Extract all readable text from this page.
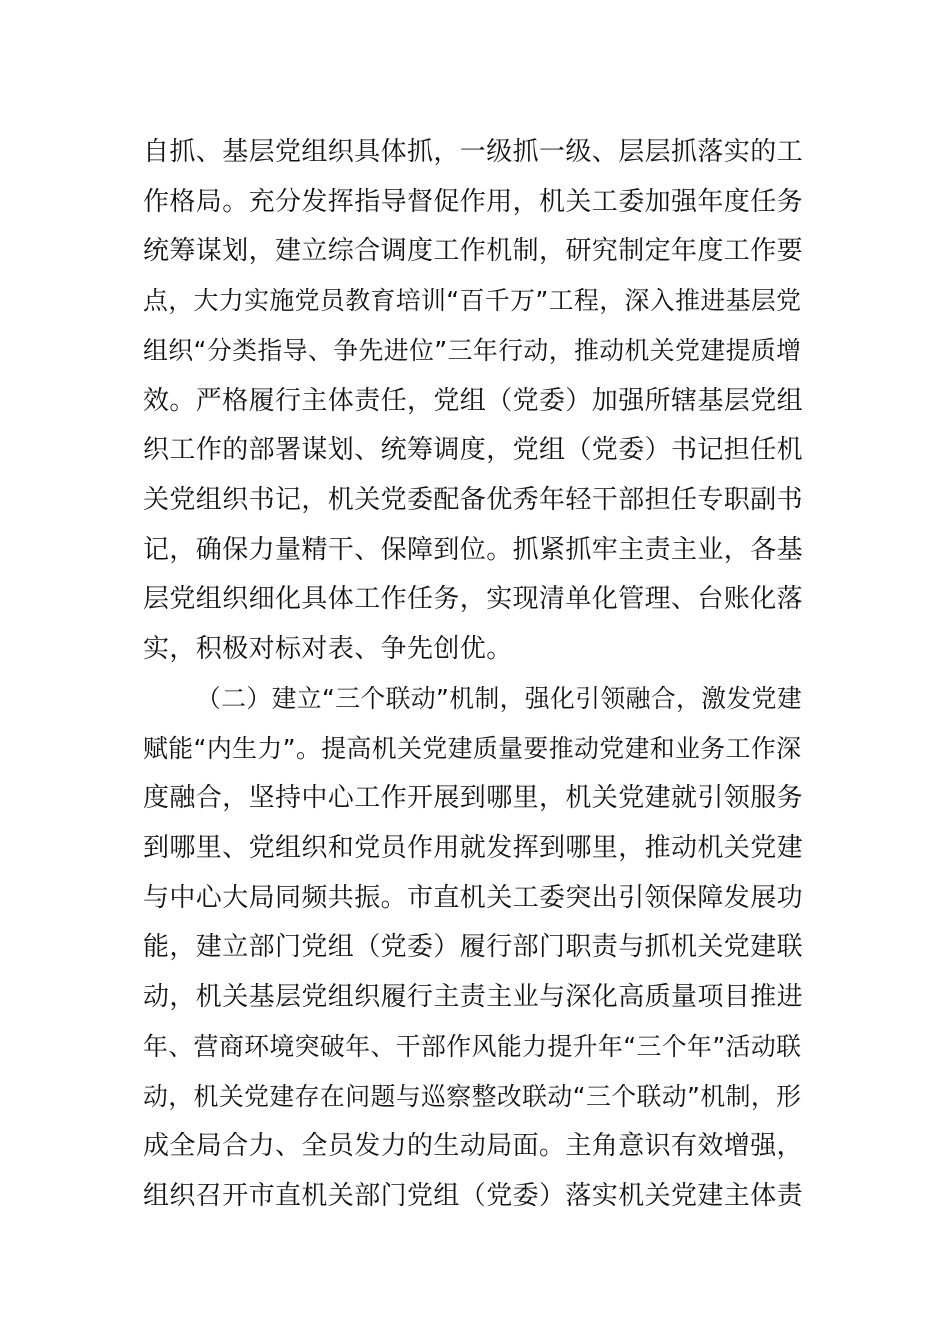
自抓、基层党组织具体抓，一级抓一级、层层抓落实的工
作格局。充分发挥指导督促作用，机关工委加强年度任务
统筹谋划，建立综合调度工作机制，研究制定年度工作要
点，大力实施党员教育培训“百千万”工程，深入推进基层党
组织“分类指导、争先进位”三年行动，推动机关党建提质增
效。严格履行主体责任，党组（党委）加强所辖基层党组
织工作的部署谋划、统筹调度，党组（党委）书记担任机
关党组织书记，机关党委配备优秀年轻干部担任专职副书
记，确保力量精干、保障到位。抓紧抓牢主责主业，各基
层党组织细化具体工作任务，实现清单化管理、台账化落
实，积极对标对表、争先创优。
（二）建立“三个联动”机制，强化引领融合，激发党建
赋能“内生力”。提高机关党建质量要推动党建和业务工作深
度融合，坚持中心工作开展到哪里，机关党建就引领服务
到哪里、党组织和党员作用就发挥到哪里，推动机关党建
与中心大局同频共振。市直机关工委突出引领保障发展功
能，建立部门党组（党委）履行部门职责与抓机关党建联
动，机关基层党组织履行主责主业与深化高质量项目推进
年、营商环境突破年、干部作风能力提升年“三个年”活动联
动，机关党建存在问题与巡察整改联动“三个联动”机制，形
成全局合力、全员发力的生动局面。主角意识有效增强，
组织召开市直机关部门党组（党委）落实机关党建主体责
